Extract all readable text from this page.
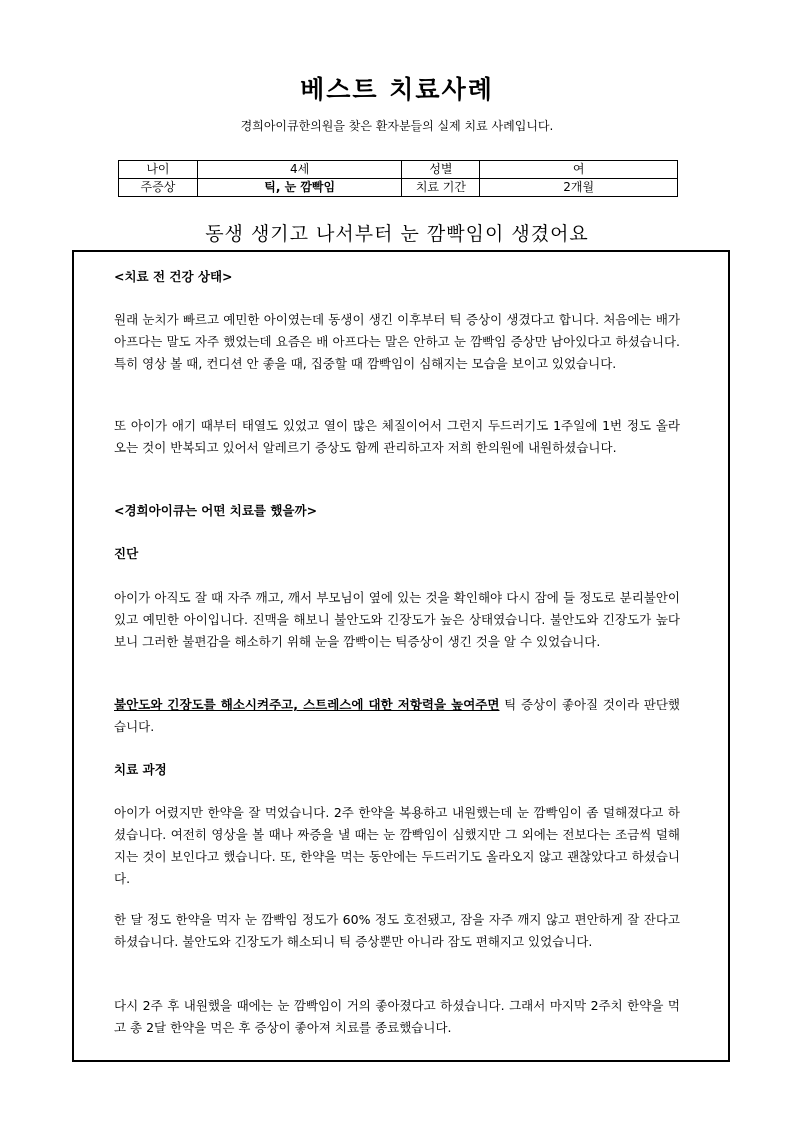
베스트 치료사례
경희아이큐한의원을 찾은 환자분들의 실제 치료 사례입니다.
나이	4세	성별	여
주증상	틱, 눈 깜빡임	치료 기간	2개월
동생 생기고 나서부터 눈 깜빡임이 생겼어요

<치료 전 건강 상태>

원래 눈치가 빠르고 예민한 아이였는데 동생이 생긴 이후부터 틱 증상이 생겼다고 합니다. 처음에는 배가 아프다는 말도 자주 했었는데 요즘은 배 아프다는 말은 안하고 눈 깜빡임 증상만 남아있다고 하셨습니다. 특히 영상 볼 때, 컨디션 안 좋을 때, 집중할 때 깜빡임이 심해지는 모습을 보이고 있었습니다.

또 아이가 애기 때부터 태열도 있었고 열이 많은 체질이어서 그런지 두드러기도 1주일에 1번 정도 올라오는 것이 반복되고 있어서 알레르기 증상도 함께 관리하고자 저희 한의원에 내원하셨습니다.

<경희아이큐는 어떤 치료를 했을까>

진단

아이가 아직도 잘 때 자주 깨고, 깨서 부모님이 옆에 있는 것을 확인해야 다시 잠에 들 정도로 분리불안이 있고 예민한 아이입니다. 진맥을 해보니 불안도와 긴장도가 높은 상태였습니다. 불안도와 긴장도가 높다보니 그러한 불편감을 해소하기 위해 눈을 깜빡이는 틱증상이 생긴 것을 알 수 있었습니다.

불안도와 긴장도를 해소시켜주고, 스트레스에 대한 저항력을 높여주면 틱 증상이 좋아질 것이라 판단했습니다.

치료 과정

아이가 어렸지만 한약을 잘 먹었습니다. 2주 한약을 복용하고 내원했는데 눈 깜빡임이 좀 덜해졌다고 하셨습니다. 여전히 영상을 볼 때나 짜증을 낼 때는 눈 깜빡임이 심했지만 그 외에는 전보다는 조금씩 덜해지는 것이 보인다고 했습니다. 또, 한약을 먹는 동안에는 두드러기도 올라오지 않고 괜찮았다고 하셨습니다.

한 달 정도 한약을 먹자 눈 깜빡임 정도가 60% 정도 호전됐고, 잠을 자주 깨지 않고 편안하게 잘 잔다고 하셨습니다. 불안도와 긴장도가 해소되니 틱 증상뿐만 아니라 잠도 편해지고 있었습니다.

다시 2주 후 내원했을 때에는 눈 깜빡임이 거의 좋아졌다고 하셨습니다. 그래서 마지막 2주치 한약을 먹고 총 2달 한약을 먹은 후 증상이 좋아져 치료를 종료했습니다.
